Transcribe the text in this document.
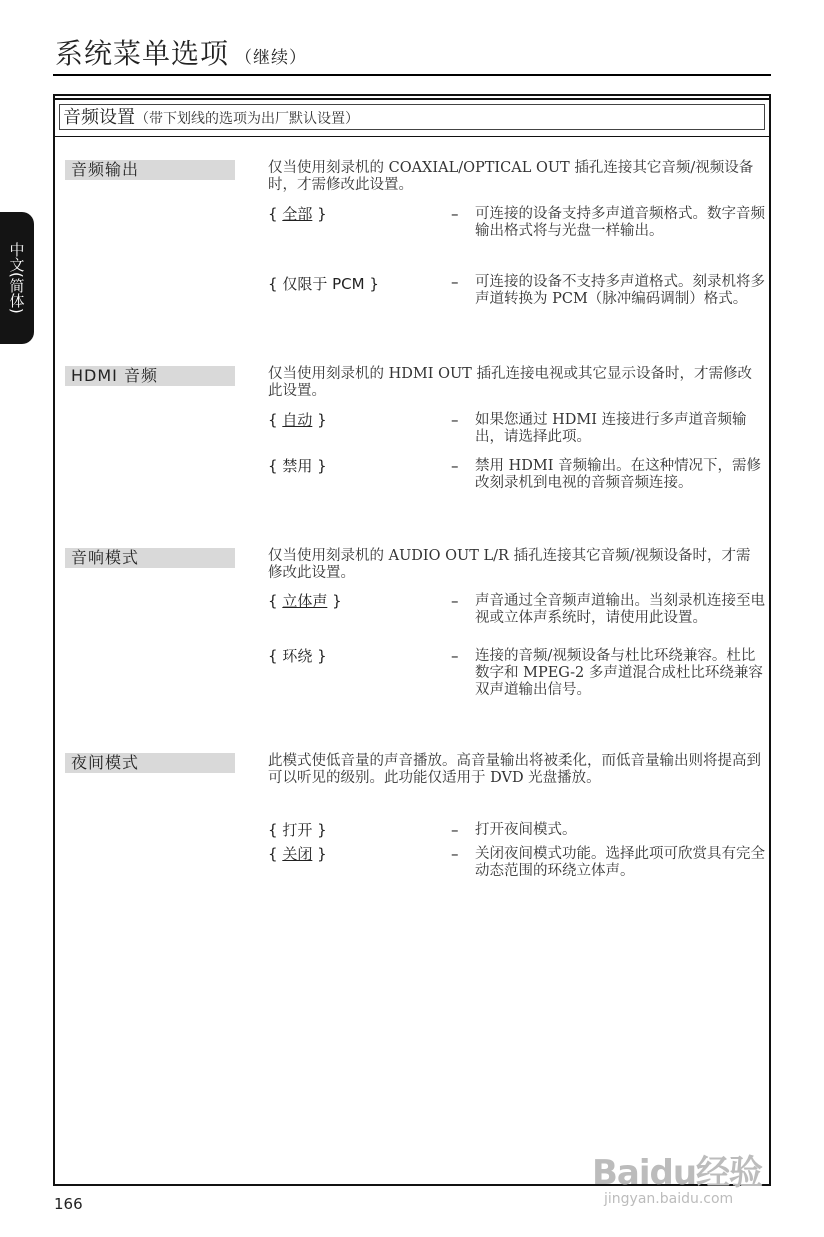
系统菜单选项 （继续）
中文(简体)
音频设置（带下划线的选项为出厂默认设置）
音频输出	仅当使用刻录机的 COAXIAL/OPTICAL OUT 插孔连接其它音频/视频设备时，才需修改此设置。
{ 全部 }	– 可连接的设备支持多声道音频格式。数字音频输出格式将与光盘一样输出。
{ 仅限于 PCM }	– 可连接的设备不支持多声道格式。刻录机将多声道转换为 PCM（脉冲编码调制）格式。
HDMI 音频	仅当使用刻录机的 HDMI OUT 插孔连接电视或其它显示设备时，才需修改此设置。
{ 自动 }	– 如果您通过 HDMI 连接进行多声道音频输出，请选择此项。
{ 禁用 }	– 禁用 HDMI 音频输出。在这种情况下，需修改刻录机到电视的音频音频连接。
音响模式	仅当使用刻录机的 AUDIO OUT L/R 插孔连接其它音频/视频设备时，才需修改此设置。
{ 立体声 }	– 声音通过全音频声道输出。当刻录机连接至电视或立体声系统时，请使用此设置。
{ 环绕 }	– 连接的音频/视频设备与杜比环绕兼容。杜比数字和 MPEG-2 多声道混合成杜比环绕兼容双声道输出信号。
夜间模式	此模式使低音量的声音播放。高音量输出将被柔化，而低音量输出则将提高到可以听见的级别。此功能仅适用于 DVD 光盘播放。
{ 打开 }	– 打开夜间模式。
{ 关闭 }	– 关闭夜间模式功能。选择此项可欣赏具有完全动态范围的环绕立体声。
166
Baidu经验
jingyan.baidu.com
